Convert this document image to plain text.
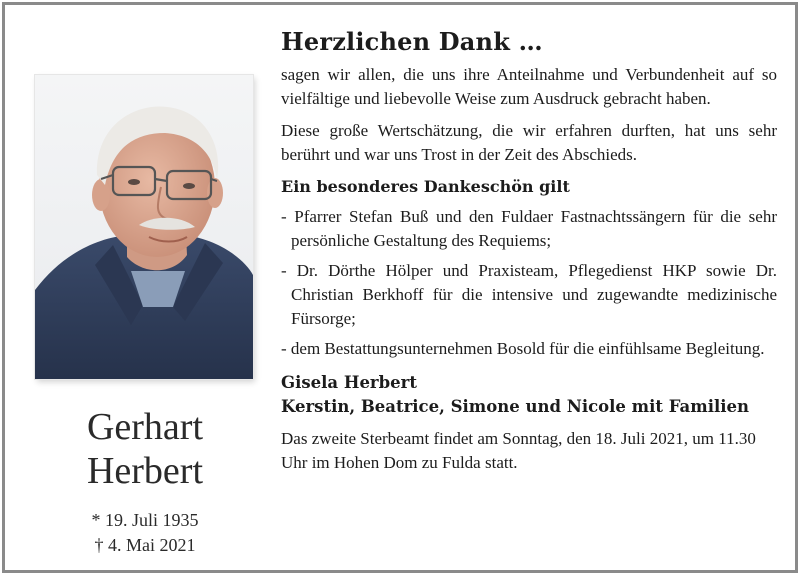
Gerhart
Herbert
* 19. Juli 1935
† 4. Mai 2021
Herzlichen Dank …

sagen wir allen, die uns ihre Anteilnahme und Verbundenheit auf so vielfältige und liebevolle Weise zum Ausdruck gebracht haben.

Diese große Wertschätzung, die wir erfahren durften, hat uns sehr berührt und war uns Trost in der Zeit des Abschieds.

Ein besonderes Dankeschön gilt
- Pfarrer Stefan Buß und den Fuldaer Fastnachtssängern für die sehr persönliche Gestaltung des Requiems;
- Dr. Dörthe Hölper und Praxisteam, Pflegedienst HKP sowie Dr. Christian Berkhoff für die intensive und zugewandte medizinische Fürsorge;
- dem Bestattungsunternehmen Bosold für die einfühlsame Begleitung.
Gisela Herbert
Kerstin, Beatrice, Simone und Nicole mit Familien

Das zweite Sterbeamt findet am Sonntag, den 18. Juli 2021, um 11.30 Uhr im Hohen Dom zu Fulda statt.
